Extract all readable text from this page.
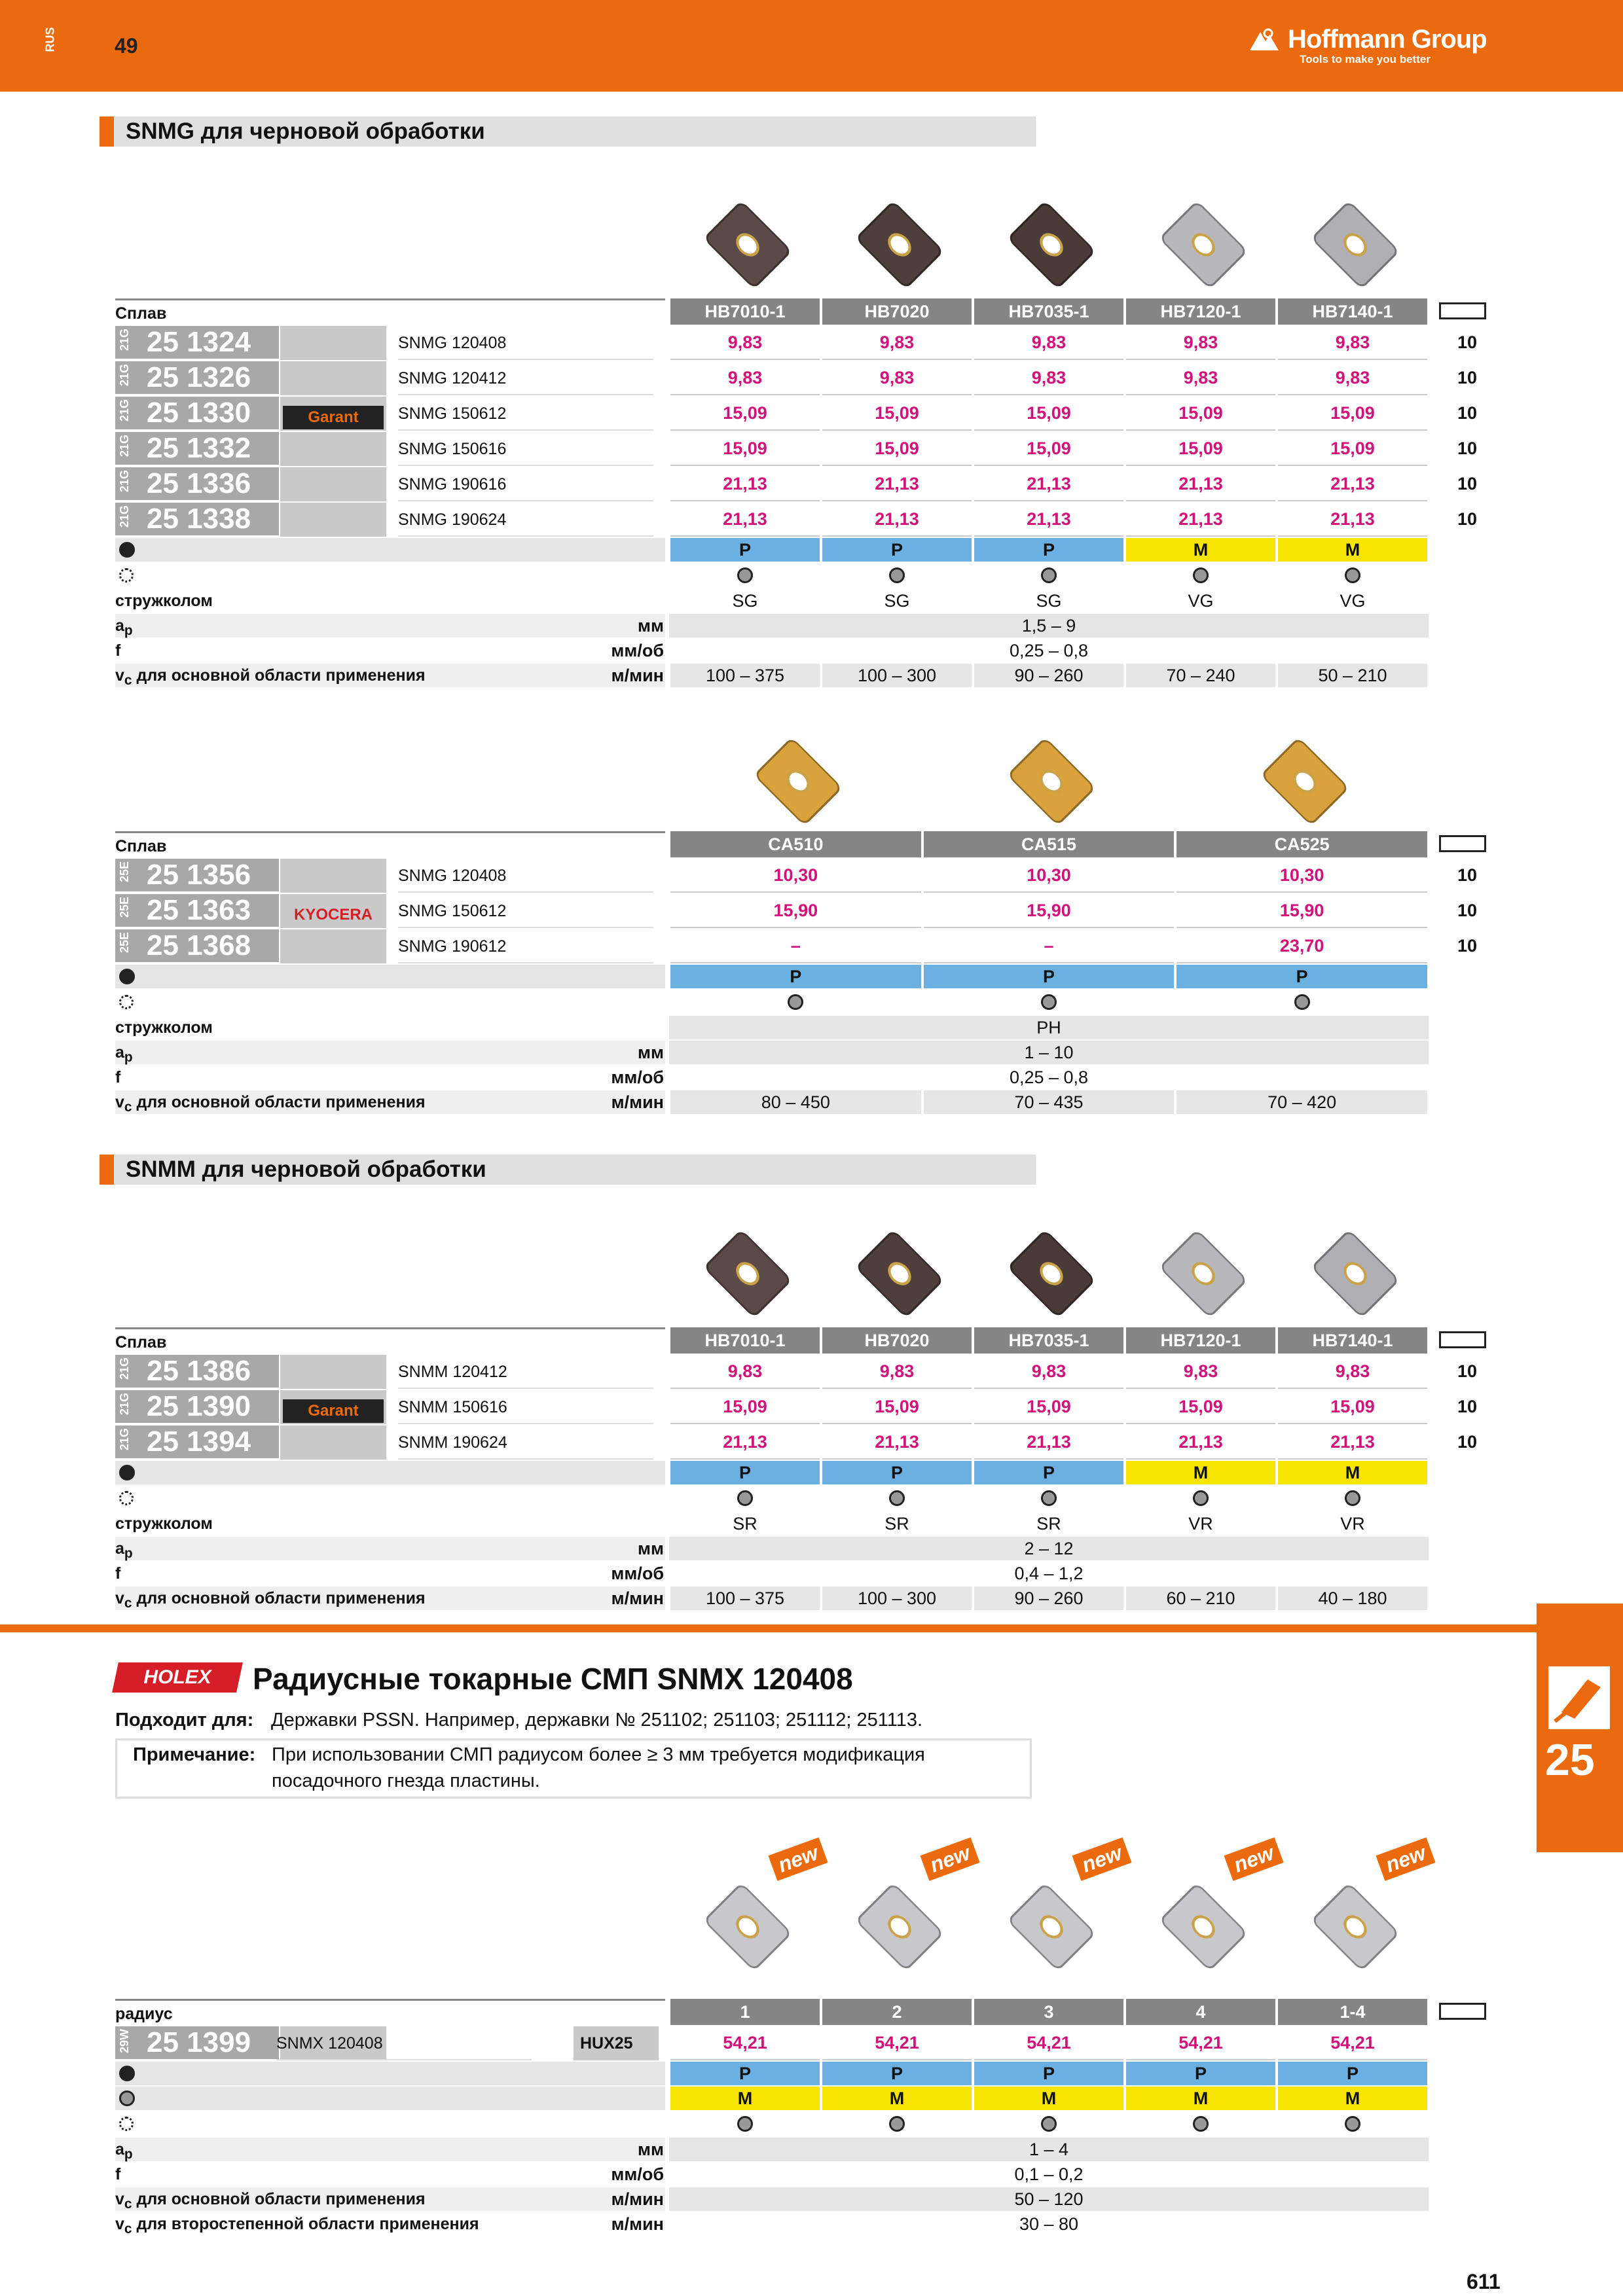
RUS	49	Hoffmann Group
Tools to make you better
SNMG для черновой обработки
Сплав	HB7010-1	HB7020	HB7035-1	HB7120-1	HB7140-1
21G 25 1324	SNMG 120408	9,83	9,83	9,83	9,83	9,83	10
21G 25 1326	SNMG 120412	9,83	9,83	9,83	9,83	9,83	10
21G 25 1330	SNMG 150612	15,09	15,09	15,09	15,09	15,09	10
21G 25 1332	SNMG 150616	15,09	15,09	15,09	15,09	15,09	10
21G 25 1336	SNMG 190616	21,13	21,13	21,13	21,13	21,13	10
21G 25 1338	SNMG 190624	21,13	21,13	21,13	21,13	21,13	10
Garant
P	P	P	M	M
стружколом	SG	SG	SG	VG	VG
$a_p$	мм	1,5 – 9
f	мм/об	0,25 – 0,8
$v_c$ для основной области применения	м/мин	100 – 375	100 – 300	90 – 260	70 – 240	50 – 210
Сплав	CA510	CA515	CA525
25E 25 1356	SNMG 120408	10,30	10,30	10,30	10
25E 25 1363	SNMG 150612	15,90	15,90	15,90	10
25E 25 1368	SNMG 190612	–	–	23,70	10
KYOCERA
P	P	P
стружколом	PH
$a_p$	мм	1 – 10
f	мм/об	0,25 – 0,8
$v_c$ для основной области применения	м/мин	80 – 450	70 – 435	70 – 420
SNMM для черновой обработки
Сплав	HB7010-1	HB7020	HB7035-1	HB7120-1	HB7140-1
21G 25 1386	SNMM 120412	9,83	9,83	9,83	9,83	9,83	10
21G 25 1390	SNMM 150616	15,09	15,09	15,09	15,09	15,09	10
21G 25 1394	SNMM 190624	21,13	21,13	21,13	21,13	21,13	10
Garant
P	P	P	M	M
стружколом	SR	SR	SR	VR	VR
$a_p$	мм	2 – 12
f	мм/об	0,4 – 1,2
$v_c$ для основной области применения	м/мин	100 – 375	100 – 300	90 – 260	60 – 210	40 – 180
HOLEX	Радиусные токарные СМП SNMX 120408
Подходит для: Державки PSSN. Например, державки № 251102; 251103; 251112; 251113.
Примечание: При использовании СМП радиусом более ≥ 3 мм требуется модификация
посадочного гнезда пластины.
радиус	1	2	3	4	1-4
29W 25 1399	SNMX 120408	HUX25	54,21	54,21	54,21	54,21	54,21
P	P	P	P	P
M	M	M	M	M
$a_p$	мм	1 – 4
f	мм/об	0,1 – 0,2
$v_c$ для основной области применения	м/мин	50 – 120
$v_c$ для второстепенной области применения	м/мин	30 – 80
new	new	new	new	new
25
611
